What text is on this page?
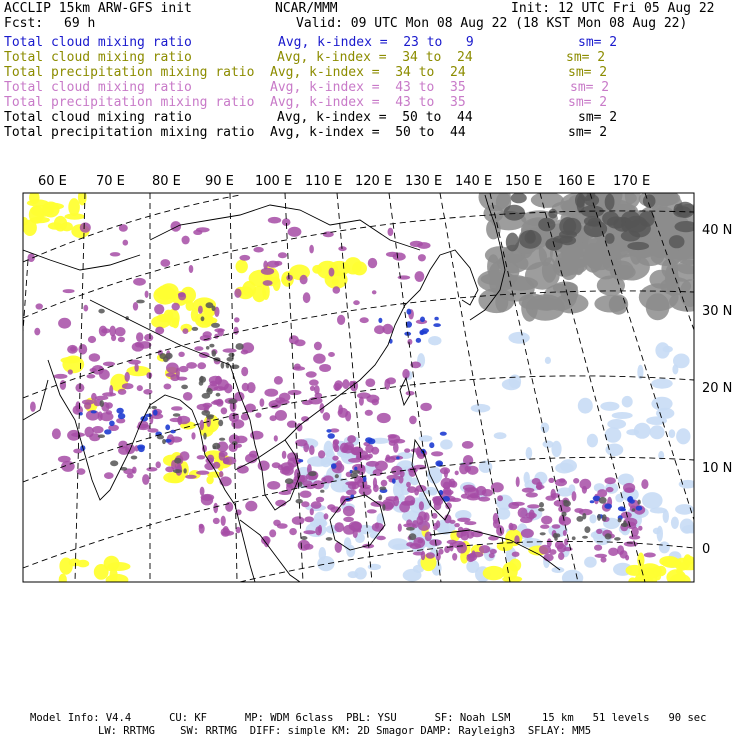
60 E 70 E 80 E 90 E 100 E 110 E 120 E 130 E 140 E 150 E 160 E 170 E
40 N
30 N
20 N
10 N
0
ACCLIP 15km ARW-GFS init	NCAR/MMM	Init: 12 UTC Fri 05 Aug 22
Fcst: 69 h	Valid: 09 UTC Mon 08 Aug 22 (18 KST Mon 08 Aug 22)
Total cloud mixing ratio	Avg, k-index =  23 to   9	sm= 2
Total cloud mixing ratio	Avg, k-index =  34 to  24	sm= 2
Total precipitation mixing ratio Avg, k-index =  34 to  24	sm= 2
Total cloud mixing ratio	Avg, k-index =  43 to  35	sm= 2
Total precipitation mixing ratio Avg, k-index =  43 to  35	sm= 2
Total cloud mixing ratio	Avg, k-index =  50 to  44	sm= 2
Total precipitation mixing ratio Avg, k-index =  50 to  44	sm= 2
Model Info: V4.4      CU: KF      MP: WDM 6class  PBL: YSU      SF: Noah LSM     15 km   51 levels   90 sec
LW: RRTMG    SW: RRTMG  DIFF: simple KM: 2D Smagor DAMP: Rayleigh3  SFLAY: MM5
